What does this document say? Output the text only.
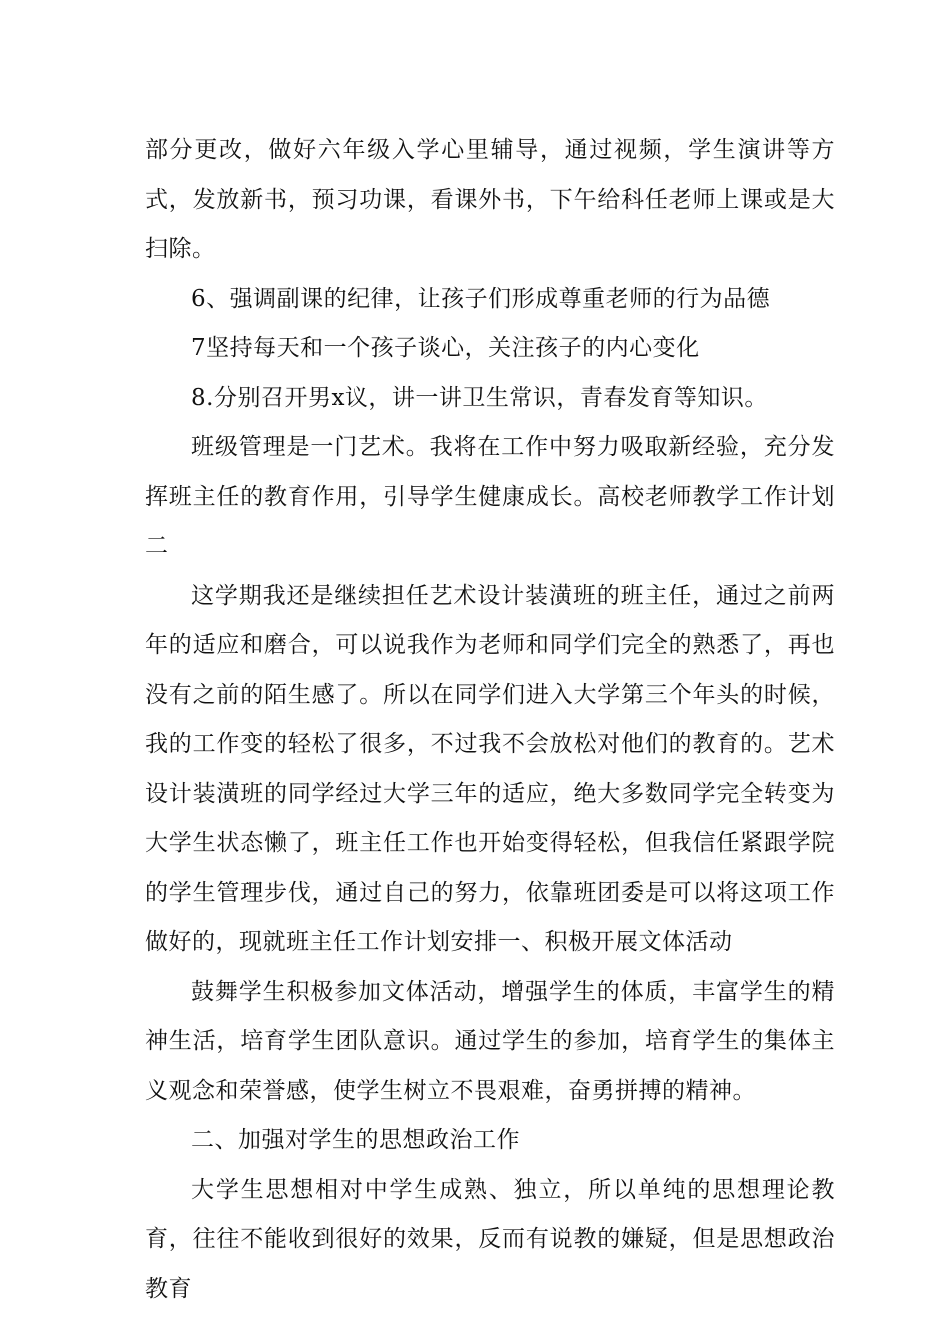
部分更改，做好六年级入学心里辅导，通过视频，学生演讲等方式，发放新书，预习功课，看课外书，下午给科任老师上课或是大扫除。

6、强调副课的纪律，让孩子们形成尊重老师的行为品德

7坚持每天和一个孩子谈心，关注孩子的内心变化

8.分别召开男x议，讲一讲卫生常识，青春发育等知识。

班级管理是一门艺术。我将在工作中努力吸取新经验，充分发挥班主任的教育作用，引导学生健康成长。高校老师教学工作计划二

这学期我还是继续担任艺术设计装潢班的班主任，通过之前两年的适应和磨合，可以说我作为老师和同学们完全的熟悉了，再也没有之前的陌生感了。所以在同学们进入大学第三个年头的时候，我的工作变的轻松了很多，不过我不会放松对他们的教育的。艺术设计装潢班的同学经过大学三年的适应，绝大多数同学完全转变为大学生状态懒了，班主任工作也开始变得轻松，但我信任紧跟学院的学生管理步伐，通过自己的努力，依靠班团委是可以将这项工作做好的，现就班主任工作计划安排一、积极开展文体活动

鼓舞学生积极参加文体活动，增强学生的体质，丰富学生的精神生活，培育学生团队意识。通过学生的参加，培育学生的集体主义观念和荣誉感，使学生树立不畏艰难，奋勇拼搏的精神。

二、加强对学生的思想政治工作

大学生思想相对中学生成熟、独立，所以单纯的思想理论教育，往往不能收到很好的效果，反而有说教的嫌疑，但是思想政治教育
